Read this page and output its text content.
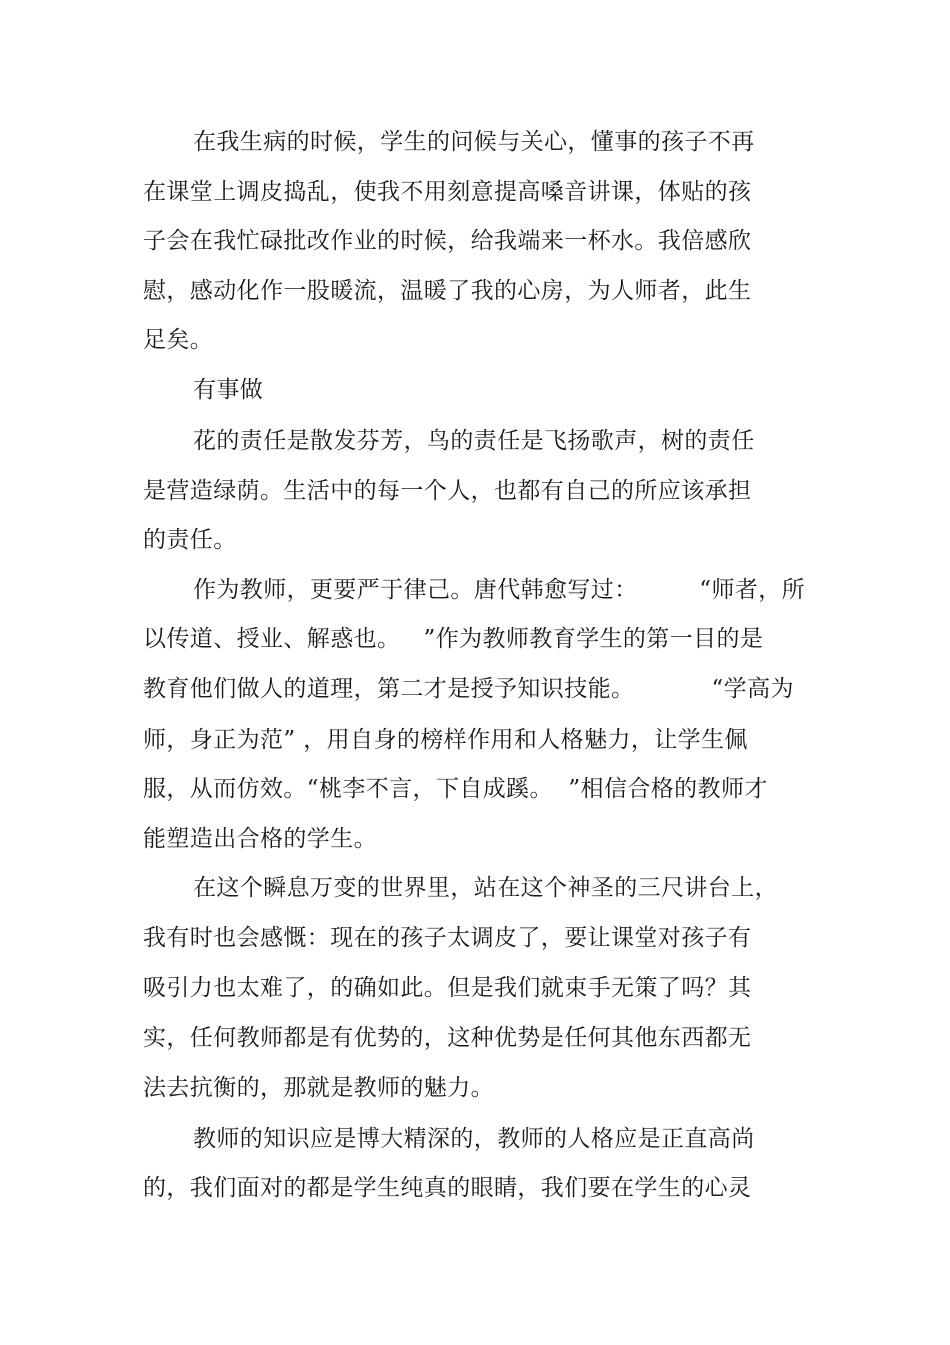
在我生病的时候，学生的问候与关心，懂事的孩子不再
在课堂上调皮捣乱，使我不用刻意提高嗓音讲课，体贴的孩
子会在我忙碌批改作业的时候，给我端来一杯水。我倍感欣
慰，感动化作一股暖流，温暖了我的心房，为人师者，此生
足矣。
有事做
花的责任是散发芬芳，鸟的责任是飞扬歌声，树的责任
是营造绿荫。生活中的每一个人，也都有自己的所应该承担
的责任。
作为教师，更要严于律己。唐代韩愈写过：        “师者，所
以传道、授业、解惑也。   ”作为教师教育学生的第一目的是
教育他们做人的道理，第二才是授予知识技能。          “学高为
师，身正为范” ，用自身的榜样作用和人格魅力，让学生佩
服，从而仿效。“桃李不言，下自成蹊。  ”相信合格的教师才
能塑造出合格的学生。
在这个瞬息万变的世界里，站在这个神圣的三尺讲台上，
我有时也会感慨：现在的孩子太调皮了，要让课堂对孩子有
吸引力也太难了，的确如此。但是我们就束手无策了吗？其
实，任何教师都是有优势的，这种优势是任何其他东西都无
法去抗衡的，那就是教师的魅力。
教师的知识应是博大精深的，教师的人格应是正直高尚
的，我们面对的都是学生纯真的眼睛，我们要在学生的心灵
